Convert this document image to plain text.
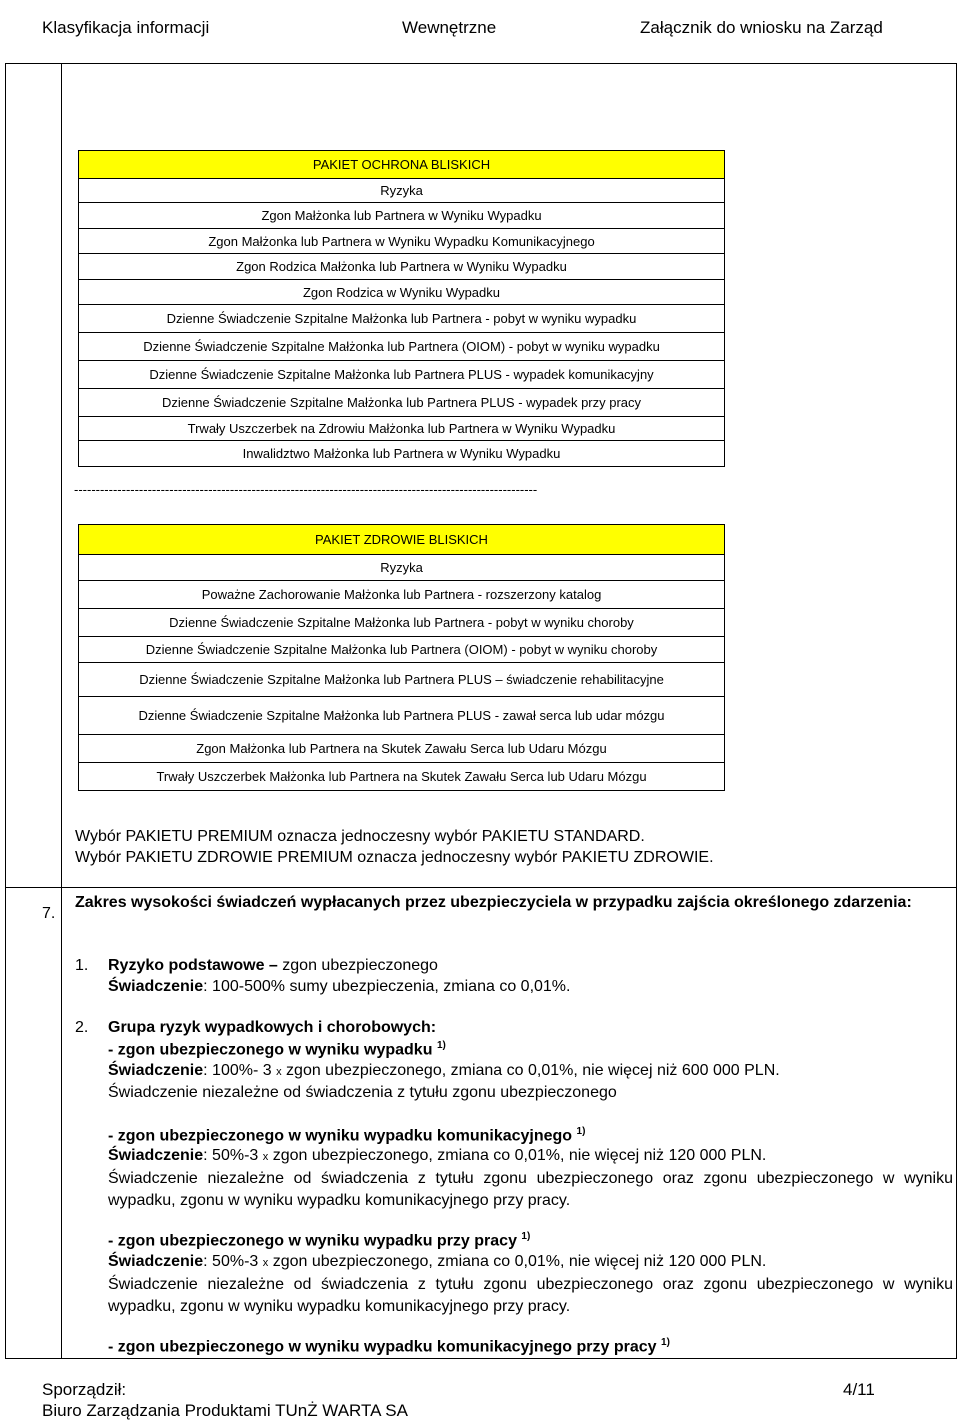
Klasyfikacja informacji	Wewnętrzne	Załącznik do wniosku na Zarząd
PAKIET OCHRONA BLISKICH
Ryzyka
Zgon Małżonka lub Partnera w Wyniku Wypadku
Zgon Małżonka lub Partnera w Wyniku Wypadku Komunikacyjnego
Zgon Rodzica Małżonka lub Partnera w Wyniku Wypadku
Zgon Rodzica w Wyniku Wypadku
Dzienne Świadczenie Szpitalne Małżonka lub Partnera - pobyt w wyniku wypadku
Dzienne Świadczenie Szpitalne Małżonka lub Partnera (OIOM) - pobyt w wyniku wypadku
Dzienne Świadczenie Szpitalne Małżonka lub Partnera PLUS - wypadek komunikacyjny
Dzienne Świadczenie Szpitalne Małżonka lub Partnera PLUS - wypadek przy pracy
Trwały Uszczerbek na Zdrowiu Małżonka lub Partnera w Wyniku Wypadku
Inwalidztwo Małżonka lub Partnera w Wyniku Wypadku
-----------------------------------------------------------------------------------------------------------
PAKIET ZDROWIE BLISKICH
Ryzyka
Poważne Zachorowanie Małżonka lub Partnera - rozszerzony katalog
Dzienne Świadczenie Szpitalne Małżonka lub Partnera - pobyt w wyniku choroby
Dzienne Świadczenie Szpitalne Małżonka lub Partnera (OIOM) - pobyt w wyniku choroby
Dzienne Świadczenie Szpitalne Małżonka lub Partnera PLUS – świadczenie rehabilitacyjne
Dzienne Świadczenie Szpitalne Małżonka lub Partnera PLUS - zawał serca lub udar mózgu
Zgon Małżonka lub Partnera na Skutek Zawału Serca lub Udaru Mózgu
Trwały Uszczerbek Małżonka lub Partnera na Skutek Zawału Serca lub Udaru Mózgu
Wybór PAKIETU PREMIUM oznacza jednoczesny wybór PAKIETU STANDARD.
Wybór PAKIETU ZDROWIE PREMIUM oznacza jednoczesny wybór PAKIETU ZDROWIE.
7.
Zakres wysokości świadczeń wypłacanych przez ubezpieczyciela w przypadku zajścia określonego zdarzenia:
1. Ryzyko podstawowe – zgon ubezpieczonego
Świadczenie: 100-500% sumy ubezpieczenia, zmiana co 0,01%.
2. Grupa ryzyk wypadkowych i chorobowych:
- zgon ubezpieczonego w wyniku wypadku $^{1)}$
Świadczenie: 100%- 3 x zgon ubezpieczonego, zmiana co 0,01%, nie więcej niż 600 000 PLN.
Świadczenie niezależne od świadczenia z tytułu zgonu ubezpieczonego
- zgon ubezpieczonego w wyniku wypadku komunikacyjnego $^{1)}$
Świadczenie: 50%-3 x zgon ubezpieczonego, zmiana co 0,01%, nie więcej niż 120 000 PLN.
Świadczenie niezależne od świadczenia z tytułu zgonu ubezpieczonego oraz zgonu ubezpieczonego w wyniku wypadku, zgonu w wyniku wypadku komunikacyjnego przy pracy.
- zgon ubezpieczonego w wyniku wypadku przy pracy $^{1)}$
Świadczenie: 50%-3 x zgon ubezpieczonego, zmiana co 0,01%, nie więcej niż 120 000 PLN.
Świadczenie niezależne od świadczenia z tytułu zgonu ubezpieczonego oraz zgonu ubezpieczonego w wyniku wypadku, zgonu w wyniku wypadku komunikacyjnego przy pracy.
- zgon ubezpieczonego w wyniku wypadku komunikacyjnego przy pracy $^{1)}$
Sporządził:
Biuro Zarządzania Produktami TUnŻ WARTA SA
4/11
